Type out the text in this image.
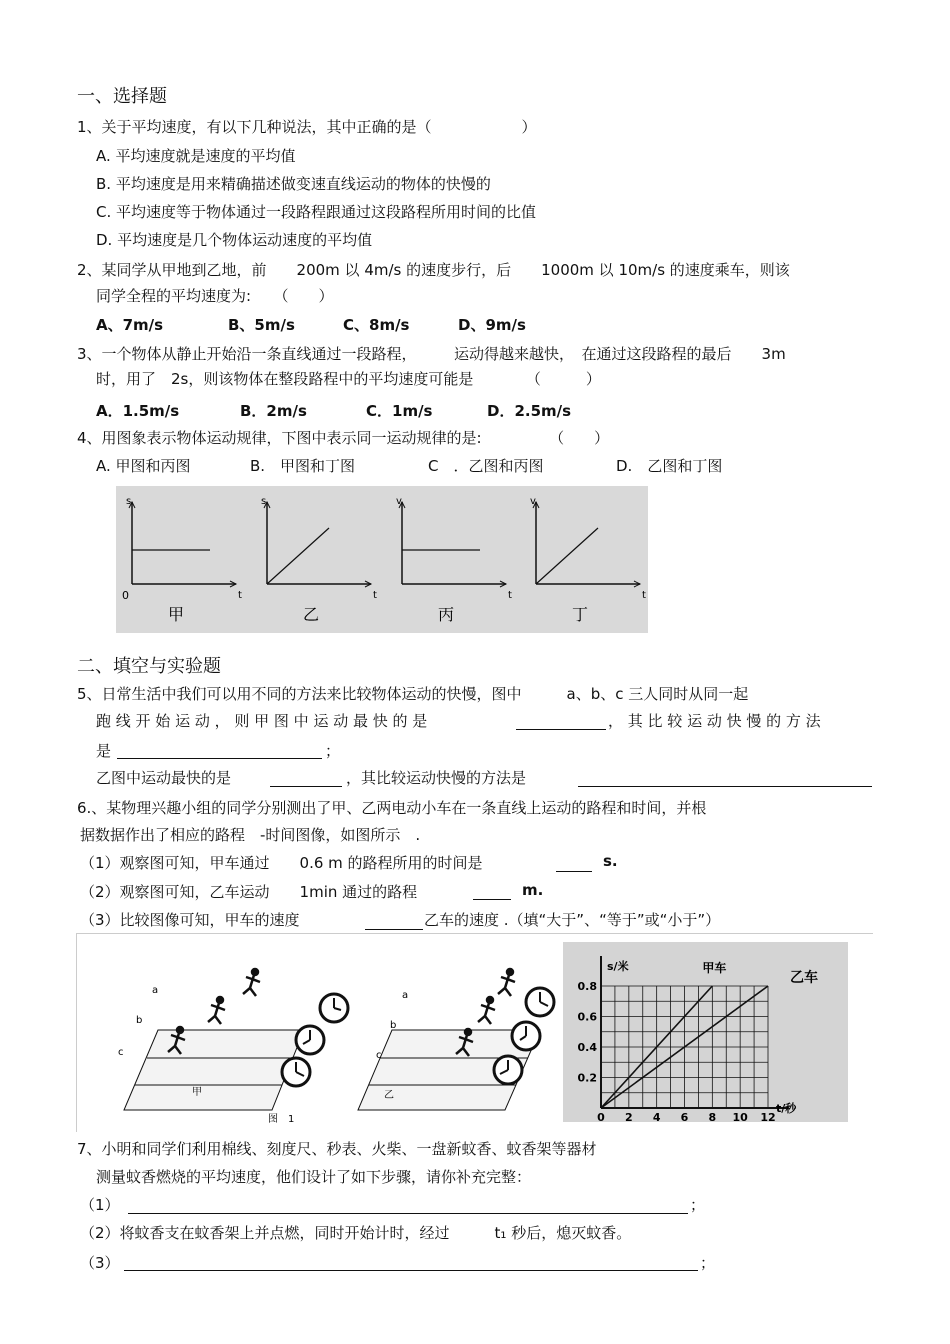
一、选择题
1、关于平均速度，有以下几种说法，其中正确的是（　　　　　　）
A. 平均速度就是速度的平均值
B. 平均速度是用来精确描述做变速直线运动的物体的快慢的
C. 平均速度等于物体通过一段路程跟通过这段路程所用时间的比值
D. 平均速度是几个物体运动速度的平均值
2、某同学从甲地到乙地，前　　200m 以 4m/s 的速度步行，后　　1000m 以 10m/s 的速度乘车，则该
同学全程的平均速度为:　　（　　）
A、7m/s	B、5m/s	C、8m/s	D、9m/s
3、一个物体从静止开始沿一条直线通过一段路程，　　　运动得越来越快，　在通过这段路程的最后　　3m
时，用了　2s，则该物体在整段路程中的平均速度可能是　　　　（　　　）
A．1.5m/s	B．2m/s	C．1m/s	D．2.5m/s
4、用图象表示物体运动规律，下图中表示同一运动规律的是:　　　　　（　　）
A. 甲图和丙图	B.　甲图和丁图	C　．乙图和丙图	D.　乙图和丁图
s
t
0
甲
s
t
乙
v
t
丙
v
t
丁
二、填空与实验题
5、日常生活中我们可以用不同的方法来比较物体运动的快慢，图中　　　a、b、c 三人同时从同一起
跑 线 开 始 运 动 ， 则 甲 图 中 运 动 最 快 的 是	， 其 比 较 运 动 快 慢 的 方 法
是	；
乙图中运动最快的是	，其比较运动快慢的方法是
6.、某物理兴趣小组的同学分别测出了甲、乙两电动小车在一条直线上运动的路程和时间，并根
据数据作出了相应的路程　-时间图像，如图所示　.
（1）观察图可知，甲车通过　　0.6 m 的路程所用的时间是	s.
（2）观察图可知，乙车运动　　1min 通过的路程	m.
（3）比较图像可知，甲车的速度	乙车的速度 .（填“大于”、“等于”或“小于”）
a
b
c
a
b
c
甲	乙
图　1
s/米
t/秒
0 2 4 6 8 10 12
0.2
0.4
0.6
0.8
甲车
乙车
7、小明和同学们利用棉线、刻度尺、秒表、火柴、一盘新蚊香、蚊香架等器材
测量蚊香燃烧的平均速度，他们设计了如下步骤，请你补充完整：
（1）	；
（2）将蚊香支在蚊香架上并点燃，同时开始计时，经过　　　t₁ 秒后，熄灭蚊香。
（3）	；
